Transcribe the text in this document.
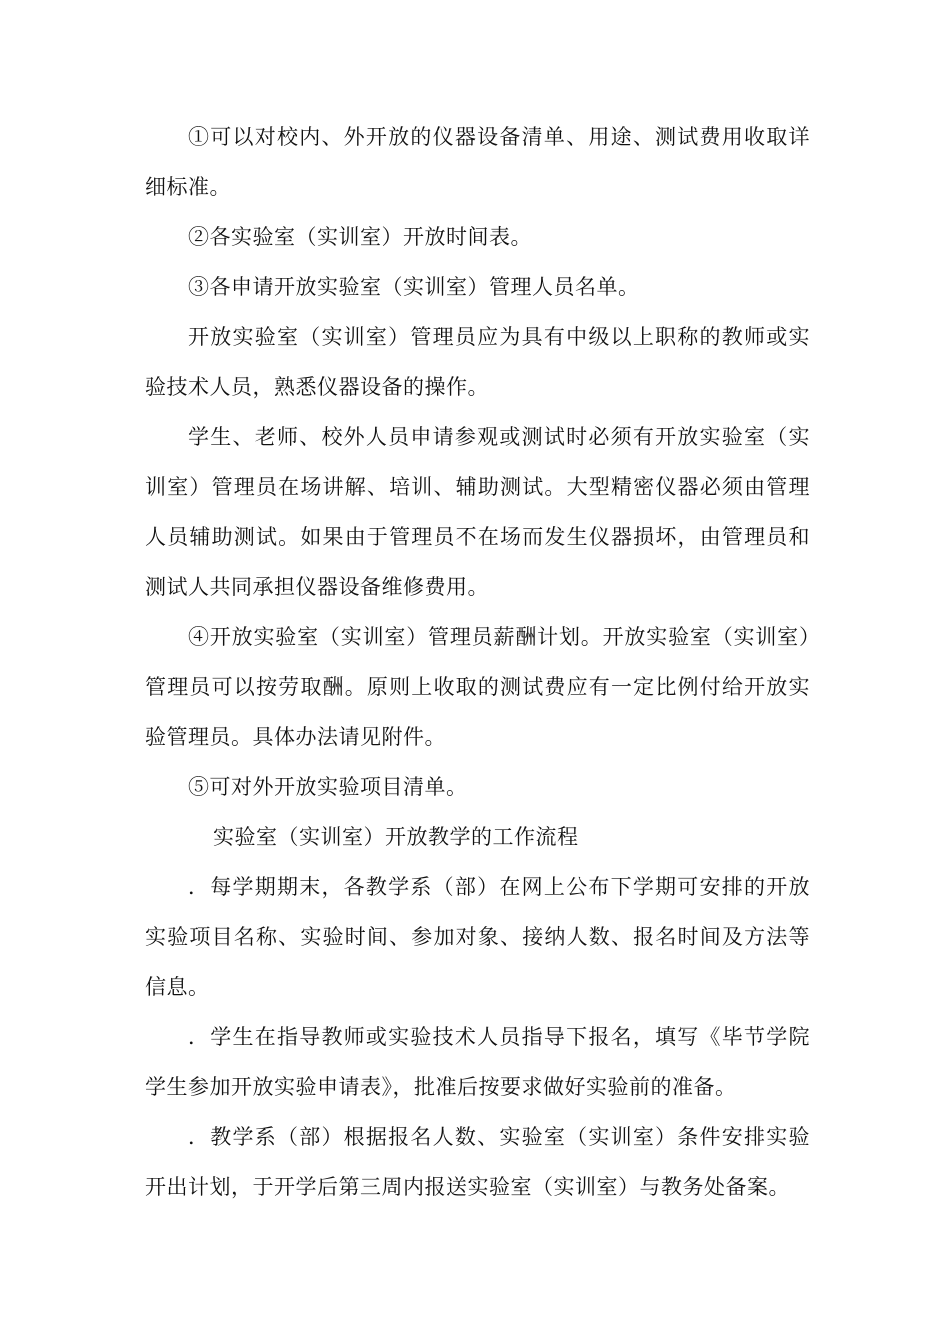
①可以对校内、外开放的仪器设备清单、用途、测试费用收取详细标准。

②各实验室（实训室）开放时间表。

③各申请开放实验室（实训室）管理人员名单。

开放实验室（实训室）管理员应为具有中级以上职称的教师或实验技术人员，熟悉仪器设备的操作。

学生、老师、校外人员申请参观或测试时必须有开放实验室（实训室）管理员在场讲解、培训、辅助测试。大型精密仪器必须由管理人员辅助测试。如果由于管理员不在场而发生仪器损坏，由管理员和测试人共同承担仪器设备维修费用。

④开放实验室（实训室）管理员薪酬计划。开放实验室（实训室）管理员可以按劳取酬。原则上收取的测试费应有一定比例付给开放实验管理员。具体办法请见附件。

⑤可对外开放实验项目清单。

实验室（实训室）开放教学的工作流程

．每学期期末，各教学系（部）在网上公布下学期可安排的开放实验项目名称、实验时间、参加对象、接纳人数、报名时间及方法等信息。

．学生在指导教师或实验技术人员指导下报名，填写《毕节学院学生参加开放实验申请表》，批准后按要求做好实验前的准备。

．教学系（部）根据报名人数、实验室（实训室）条件安排实验开出计划，于开学后第三周内报送实验室（实训室）与教务处备案。
